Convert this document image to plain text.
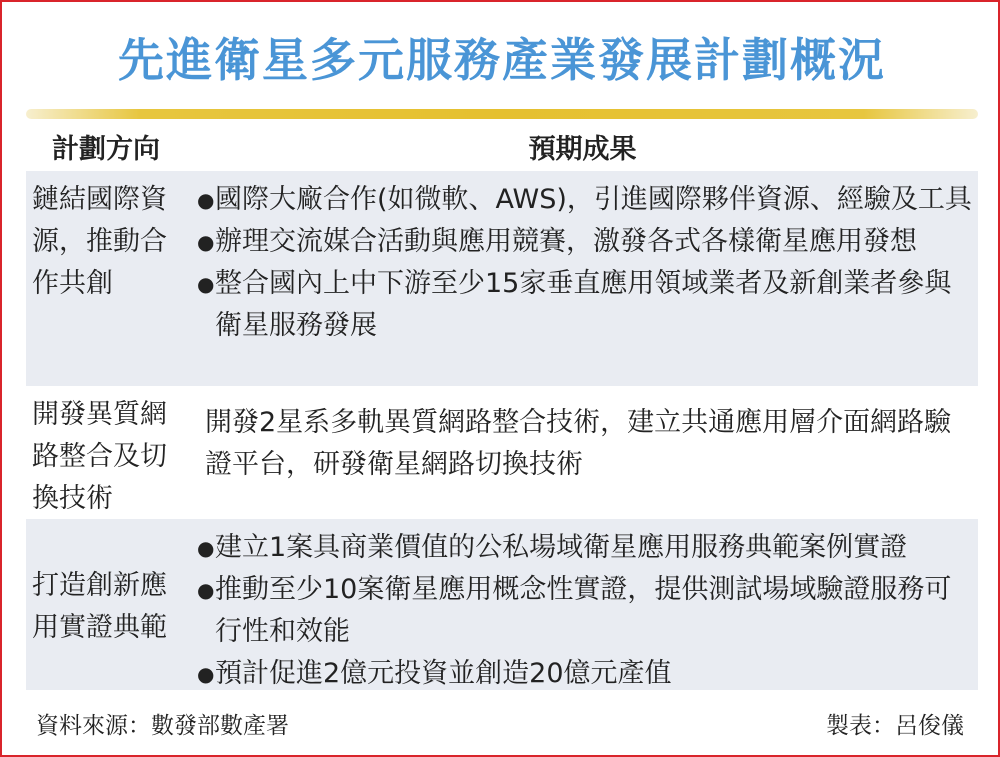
先進衛星多元服務產業發展計劃概況
計劃方向	預期成果
鏈結國際資源，推動合作共創
● 國際大廠合作(如微軟、AWS)，引進國際夥伴資源、經驗及工具
● 辦理交流媒合活動與應用競賽，激發各式各樣衛星應用發想
● 整合國內上中下游至少15家垂直應用領域業者及新創業者參與衛星服務發展
開發異質網路整合及切換技術
開發2星系多軌異質網路整合技術，建立共通應用層介面網路驗證平台，研發衛星網路切換技術
打造創新應用實證典範
● 建立1案具商業價值的公私場域衛星應用服務典範案例實證
● 推動至少10案衛星應用概念性實證，提供測試場域驗證服務可行性和效能
● 預計促進2億元投資並創造20億元產值
資料來源：數發部數產署	製表：呂俊儀
